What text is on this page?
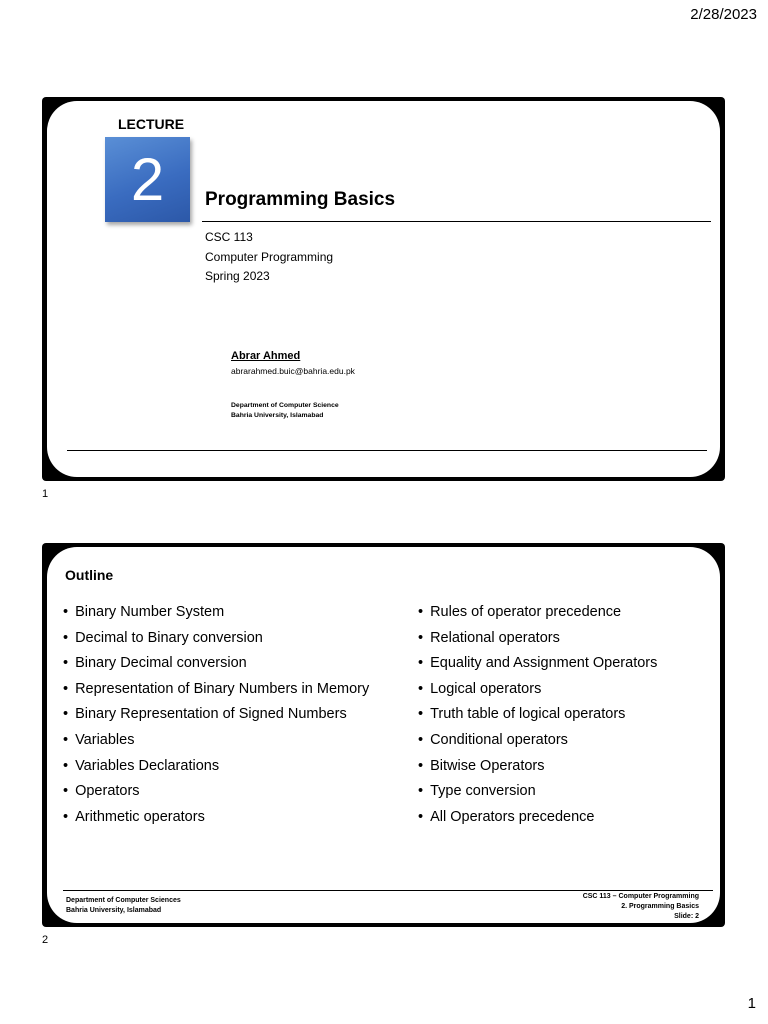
2/28/2023
LECTURE
2	Programming Basics
CSC 113
Computer Programming
Spring 2023
Abrar Ahmed
abrarahmed.buic@bahria.edu.pk
Department of Computer Science
Bahria University, Islamabad
1
Outline
• Binary Number System
• Decimal to Binary conversion
• Binary Decimal conversion
• Representation of Binary Numbers in Memory
• Binary Representation of Signed Numbers
• Variables
• Variables Declarations
• Operators
• Arithmetic operators
• Rules of operator precedence
• Relational operators
• Equality and Assignment Operators
• Logical operators
• Truth table of logical operators
• Conditional operators
• Bitwise Operators
• Type conversion
• All Operators precedence
Department of Computer Sciences
Bahria University, Islamabad
CSC 113 – Computer Programming
2. Programming Basics
Slide: 2
2
1
